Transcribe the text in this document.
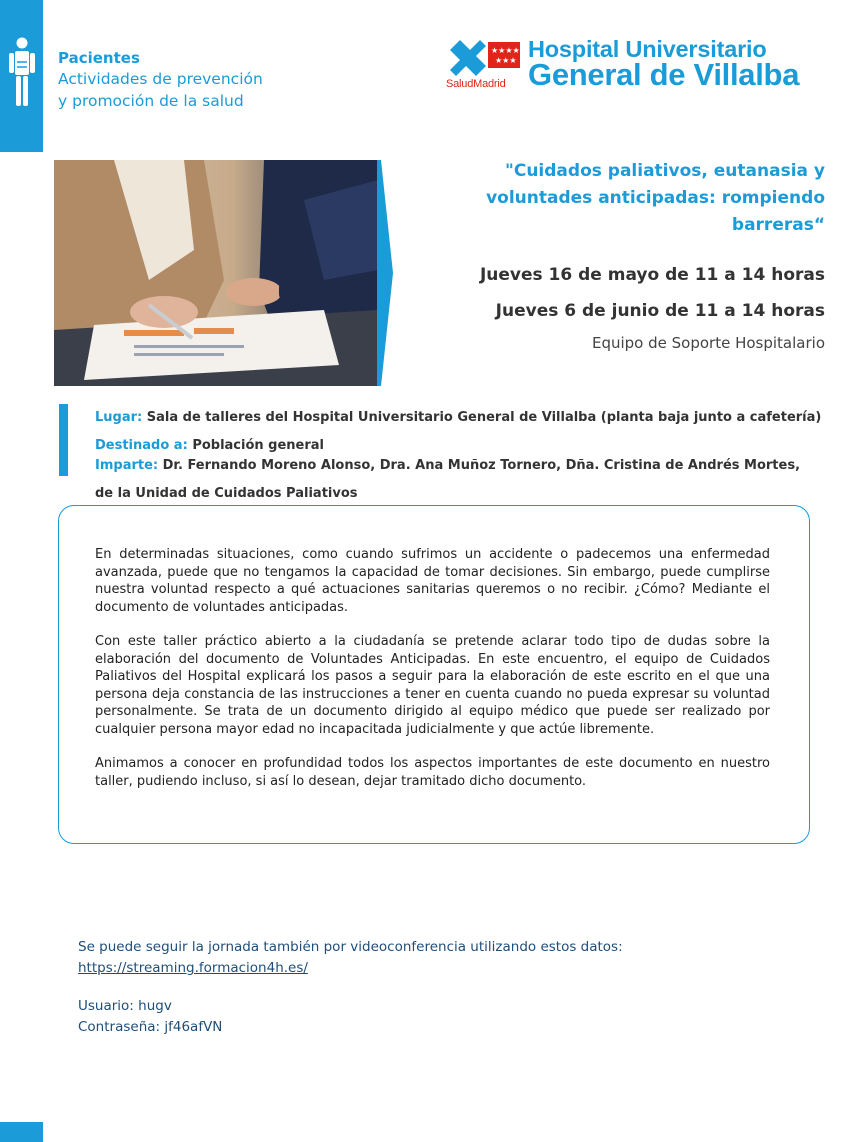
Pacientes
Actividades de prevención
y promoción de la salud
★★★★
★★★
SaludMadrid
Hospital Universitario
General de Villalba
"Cuidados paliativos, eutanasia y voluntades anticipadas: rompiendo barreras“
Jueves 16 de mayo de 11 a 14 horas
Jueves 6 de junio de 11 a 14 horas
Equipo de Soporte Hospitalario
Lugar: Sala de talleres del Hospital Universitario General de Villalba (planta baja junto a cafetería)
Destinado a: Población general
Imparte: Dr. Fernando Moreno Alonso, Dra. Ana Muñoz Tornero, Dña. Cristina de Andrés Mortes,
de la Unidad de Cuidados Paliativos

En determinadas situaciones, como cuando sufrimos un accidente o padecemos una enfermedad avanzada, puede que no tengamos la capacidad de tomar decisiones. Sin embargo, puede cumplirse nuestra voluntad respecto a qué actuaciones sanitarias queremos o no recibir. ¿Cómo? Mediante el documento de voluntades anticipadas.

Con este taller práctico abierto a la ciudadanía se pretende aclarar todo tipo de dudas sobre la elaboración del documento de Voluntades Anticipadas. En este encuentro, el equipo de Cuidados Paliativos del Hospital explicará los pasos a seguir para la elaboración de este escrito en el que una persona deja constancia de las instrucciones a tener en cuenta cuando no pueda expresar su voluntad personalmente. Se trata de un documento dirigido al equipo médico que puede ser realizado por cualquier persona mayor edad no incapacitada judicialmente y que actúe libremente.

Animamos a conocer en profundidad todos los aspectos importantes de este documento en nuestro taller, pudiendo incluso, si así lo desean, dejar tramitado dicho documento.

Se puede seguir la jornada también por videoconferencia utilizando estos datos:
https://streaming.formacion4h.es/
Usuario: hugv
Contraseña: jf46afVN
